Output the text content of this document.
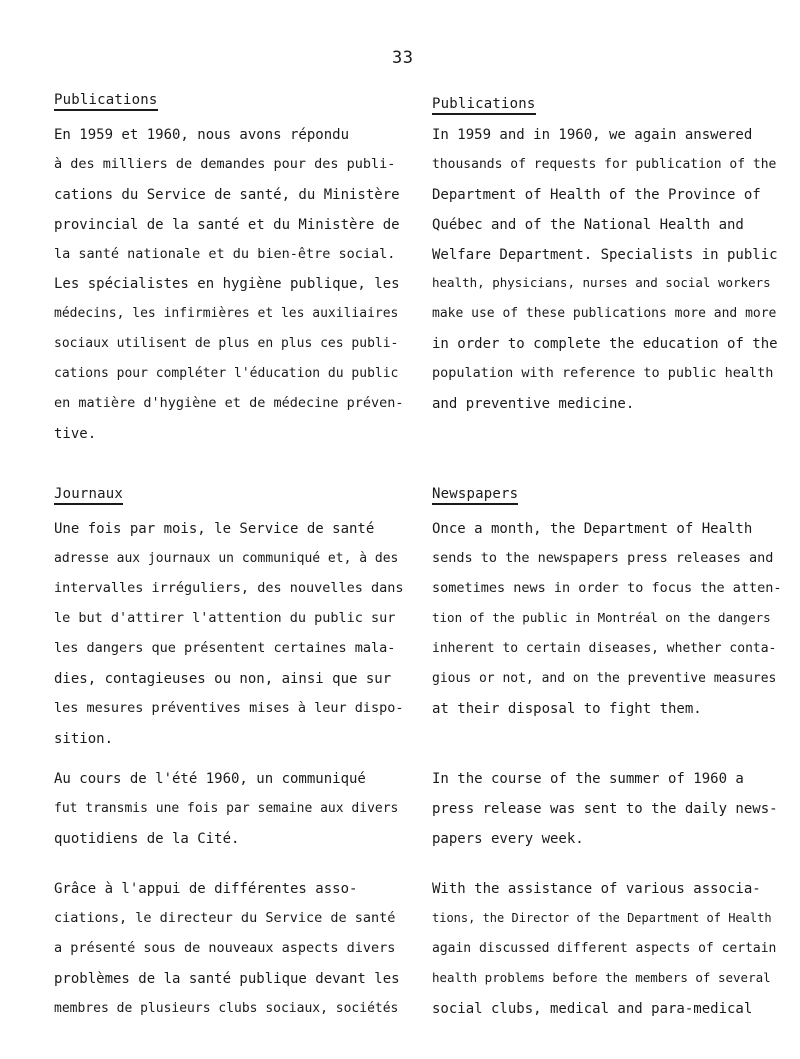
33
Publications
En 1959 et 1960, nous avons répondu
à des milliers de demandes pour des publi-
cations du Service de santé, du Ministère
provincial de la santé et du Ministère de
la santé nationale et du bien-être social.
Les spécialistes en hygiène publique, les
médecins, les infirmières et les auxiliaires
sociaux utilisent de plus en plus ces publi-
cations pour compléter l'éducation du public
en matière d'hygiène et de médecine préven-
tive.
Journaux
Une fois par mois, le Service de santé
adresse aux journaux un communiqué et, à des
intervalles irréguliers, des nouvelles dans
le but d'attirer l'attention du public sur
les dangers que présentent certaines mala-
dies, contagieuses ou non, ainsi que sur
les mesures préventives mises à leur dispo-
sition.
Au cours de l'été 1960, un communiqué
fut transmis une fois par semaine aux divers
quotidiens de la Cité.
Grâce à l'appui de différentes asso-
ciations, le directeur du Service de santé
a présenté sous de nouveaux aspects divers
problèmes de la santé publique devant les
membres de plusieurs clubs sociaux, sociétés
Publications
In 1959 and in 1960, we again answered
thousands of requests for publication of the
Department of Health of the Province of
Québec and of the National Health and
Welfare Department. Specialists in public
health, physicians, nurses and social workers
make use of these publications more and more
in order to complete the education of the
population with reference to public health
and preventive medicine.
Newspapers
Once a month, the Department of Health
sends to the newspapers press releases and
sometimes news in order to focus the atten-
tion of the public in Montréal on the dangers
inherent to certain diseases, whether conta-
gious or not, and on the preventive measures
at their disposal to fight them.
In the course of the summer of 1960 a
press release was sent to the daily news-
papers every week.
With the assistance of various associa-
tions, the Director of the Department of Health
again discussed different aspects of certain
health problems before the members of several
social clubs, medical and para-medical
